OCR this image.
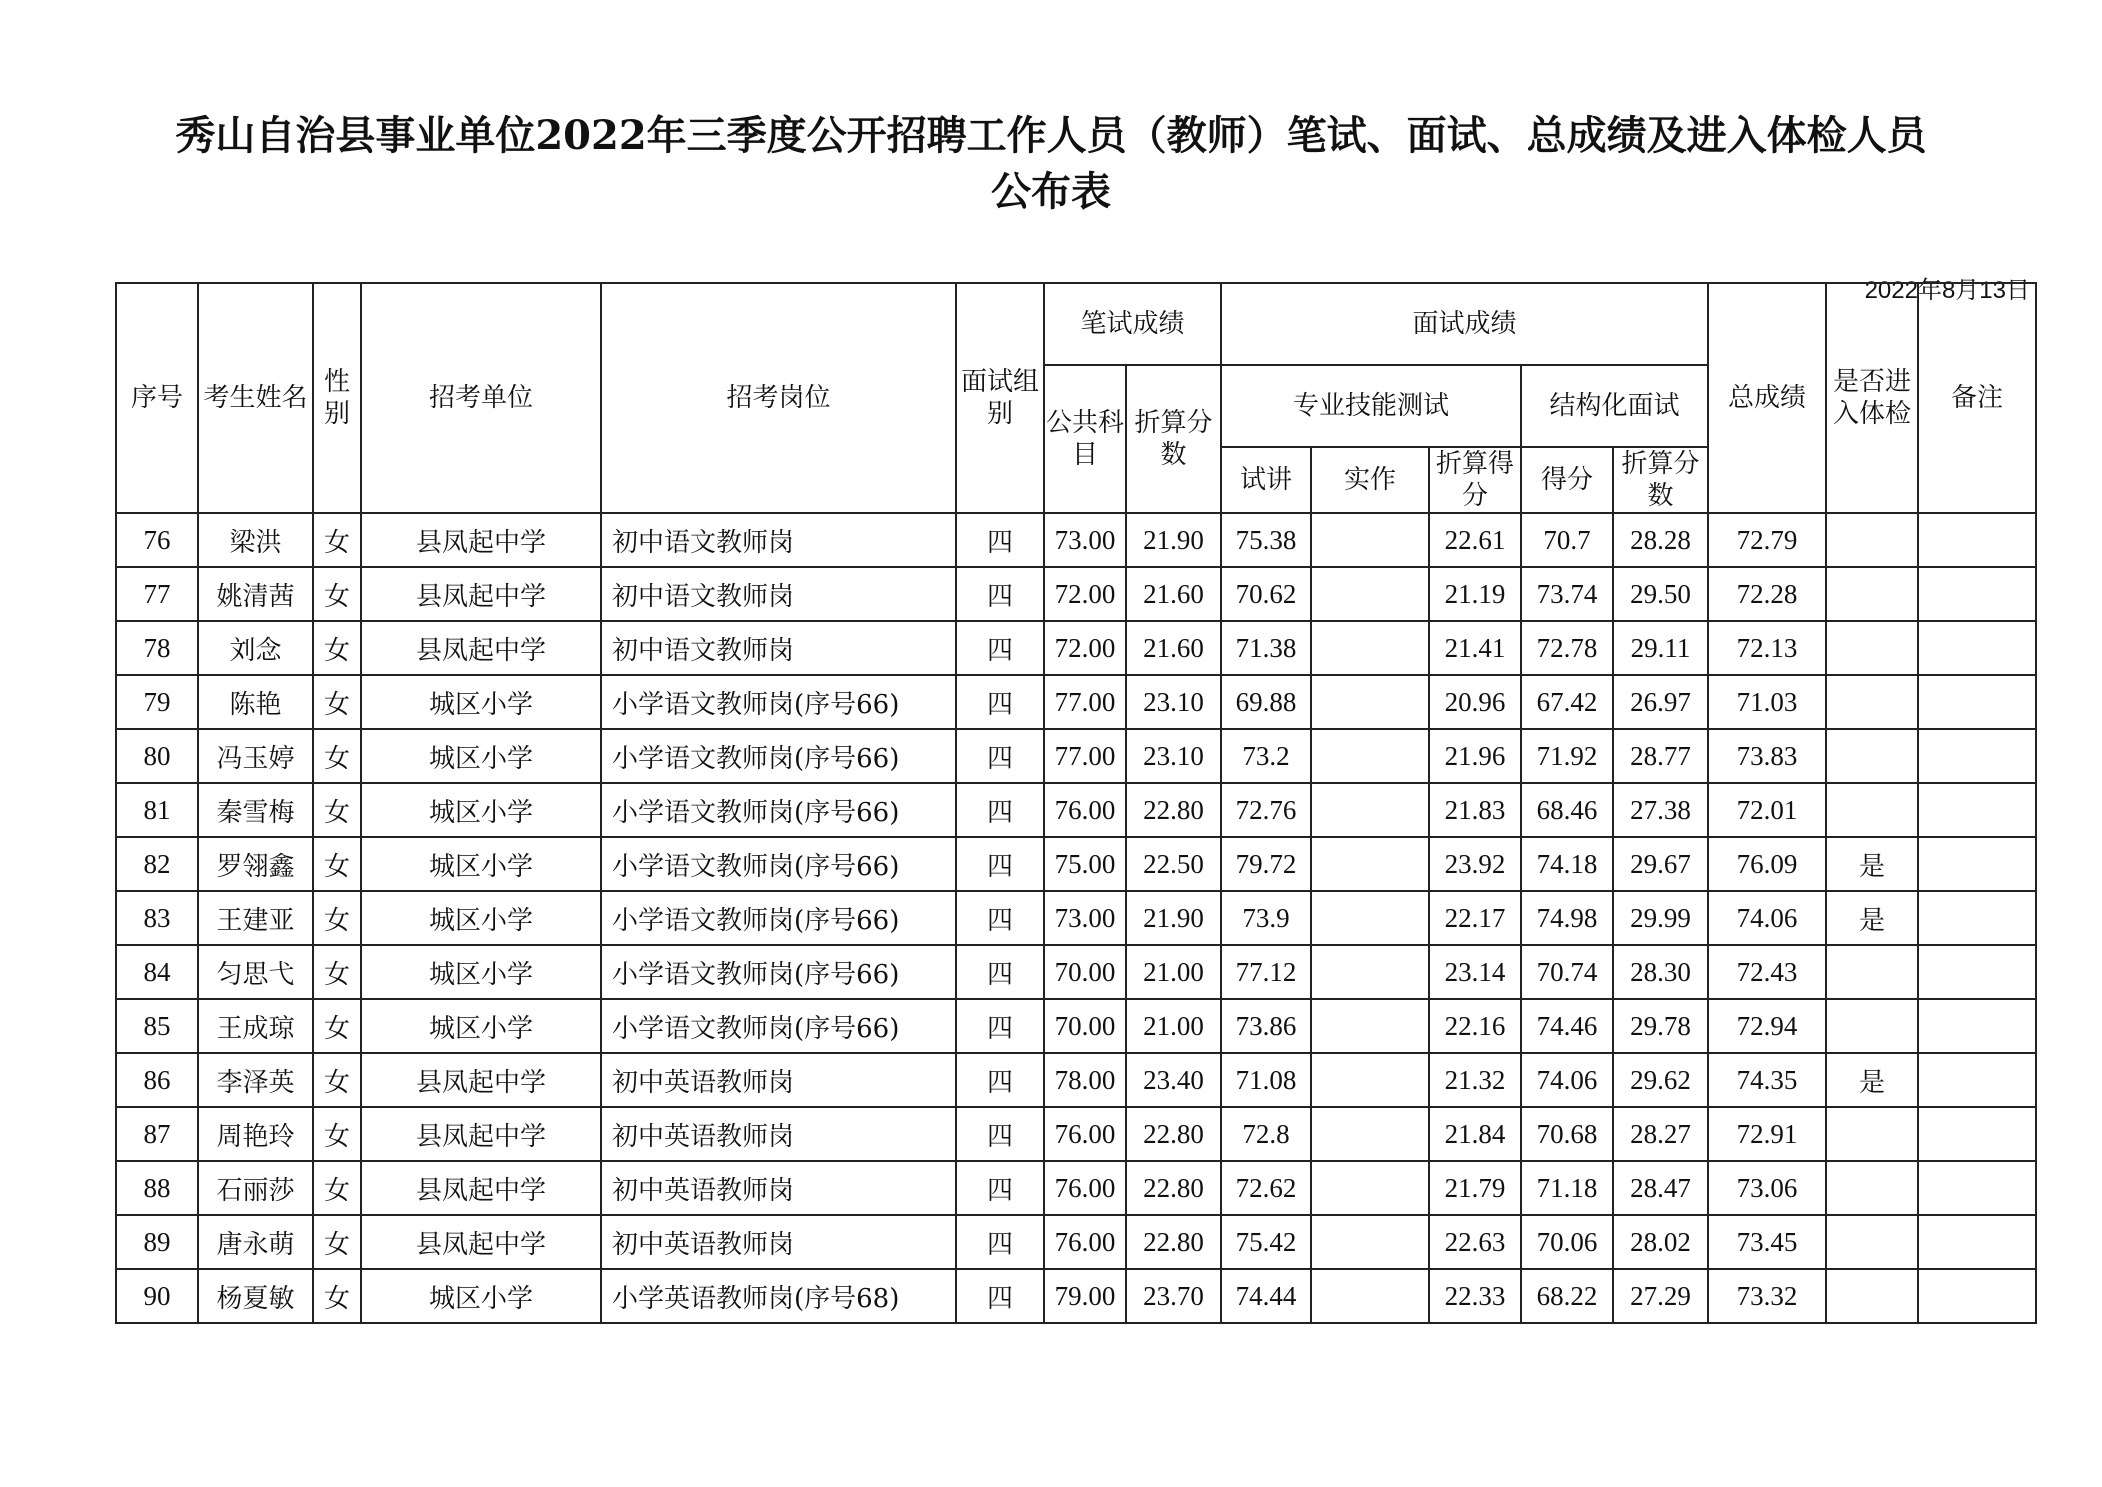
秀山自治县事业单位2022年三季度公开招聘工作人员（教师）笔试、面试、总成绩及进入体检人员
公布表
2022年8月13日
序号	考生姓名	性别	招考单位	招考岗位	面试组别	笔试成绩		面试成绩					总成绩	是否进入体检	备注
						公共科目	折算分数	专业技能测试			结构化面试				
								试讲	实作	折算得分	得分	折算分数			
76	梁洪	女	县凤起中学	初中语文教师岗	四	73.00	21.90	75.38		22.61	70.7	28.28	72.79		
77	姚清茜	女	县凤起中学	初中语文教师岗	四	72.00	21.60	70.62		21.19	73.74	29.50	72.28		
78	刘念	女	县凤起中学	初中语文教师岗	四	72.00	21.60	71.38		21.41	72.78	29.11	72.13		
79	陈艳	女	城区小学	小学语文教师岗(序号66)	四	77.00	23.10	69.88		20.96	67.42	26.97	71.03		
80	冯玉婷	女	城区小学	小学语文教师岗(序号66)	四	77.00	23.10	73.2		21.96	71.92	28.77	73.83		
81	秦雪梅	女	城区小学	小学语文教师岗(序号66)	四	76.00	22.80	72.76		21.83	68.46	27.38	72.01		
82	罗翎鑫	女	城区小学	小学语文教师岗(序号66)	四	75.00	22.50	79.72		23.92	74.18	29.67	76.09	是	
83	王建亚	女	城区小学	小学语文教师岗(序号66)	四	73.00	21.90	73.9		22.17	74.98	29.99	74.06	是	
84	匀思弋	女	城区小学	小学语文教师岗(序号66)	四	70.00	21.00	77.12		23.14	70.74	28.30	72.43		
85	王成琼	女	城区小学	小学语文教师岗(序号66)	四	70.00	21.00	73.86		22.16	74.46	29.78	72.94		
86	李泽英	女	县凤起中学	初中英语教师岗	四	78.00	23.40	71.08		21.32	74.06	29.62	74.35	是	
87	周艳玲	女	县凤起中学	初中英语教师岗	四	76.00	22.80	72.8		21.84	70.68	28.27	72.91		
88	石丽莎	女	县凤起中学	初中英语教师岗	四	76.00	22.80	72.62		21.79	71.18	28.47	73.06		
89	唐永萌	女	县凤起中学	初中英语教师岗	四	76.00	22.80	75.42		22.63	70.06	28.02	73.45		
90	杨夏敏	女	城区小学	小学英语教师岗(序号68)	四	79.00	23.70	74.44		22.33	68.22	27.29	73.32		
